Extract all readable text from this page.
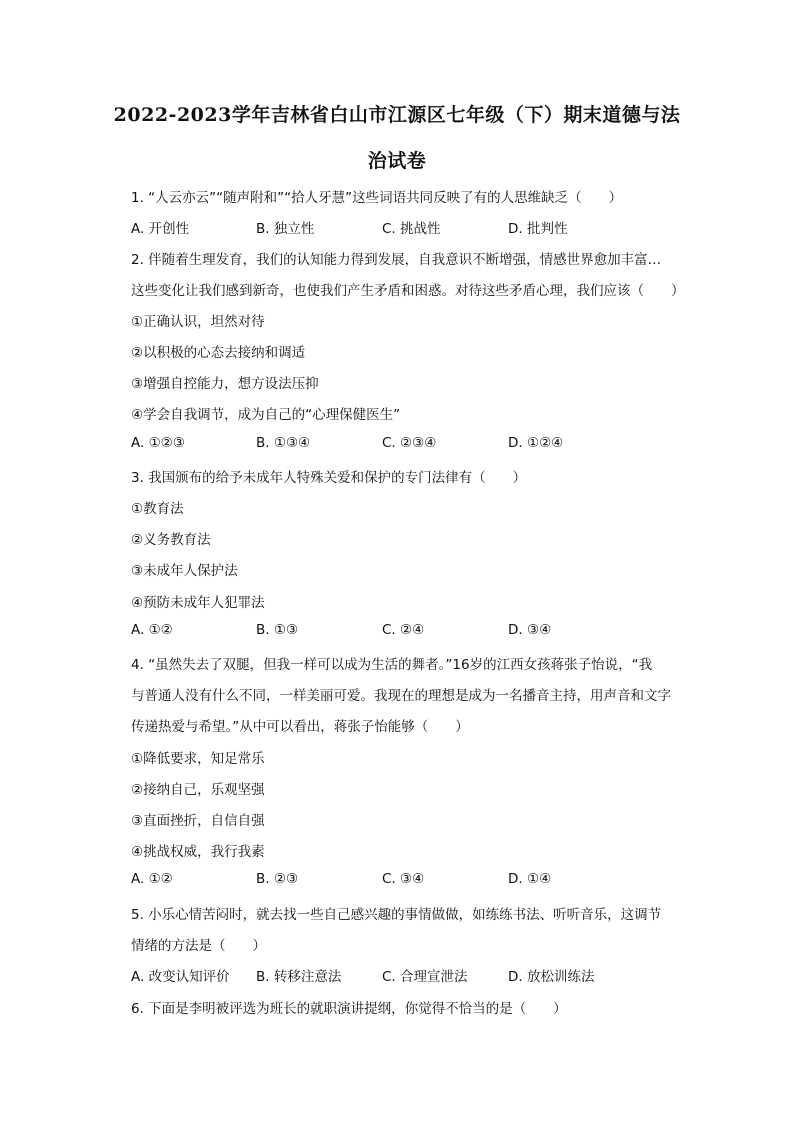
2022-2023学年吉林省白山市江源区七年级（下）期末道德与法
治试卷
1. “人云亦云”“随声附和”“拾人牙慧”这些词语共同反映了有的人思维缺乏（　　）
A. 开创性	B. 独立性	C. 挑战性	D. 批判性
2. 伴随着生理发育，我们的认知能力得到发展，自我意识不断增强，情感世界愈加丰富…
这些变化让我们感到新奇，也使我们产生矛盾和困惑。对待这些矛盾心理，我们应该（　　）
①正确认识，坦然对待
②以积极的心态去接纳和调适
③增强自控能力，想方设法压抑
④学会自我调节，成为自己的“心理保健医生”
A. ①②③	B. ①③④	C. ②③④	D. ①②④
3. 我国颁布的给予未成年人特殊关爱和保护的专门法律有（　　）
①教育法
②义务教育法
③未成年人保护法
④预防未成年人犯罪法
A. ①②	B. ①③	C. ②④	D. ③④
4. “虽然失去了双腿，但我一样可以成为生活的舞者。”16岁的江西女孩蒋张子怡说，“我
与普通人没有什么不同，一样美丽可爱。我现在的理想是成为一名播音主持，用声音和文字
传递热爱与希望。”从中可以看出，蒋张子怡能够（　　）
①降低要求，知足常乐
②接纳自己，乐观坚强
③直面挫折，自信自强
④挑战权威，我行我素
A. ①②	B. ②③	C. ③④	D. ①④
5. 小乐心情苦闷时，就去找一些自己感兴趣的事情做做，如练练书法、听听音乐，这调节
情绪的方法是（　　）
A. 改变认知评价 B. 转移注意法	C. 合理宣泄法	D. 放松训练法
6. 下面是李明被评选为班长的就职演讲提纲，你觉得不恰当的是（　　）
